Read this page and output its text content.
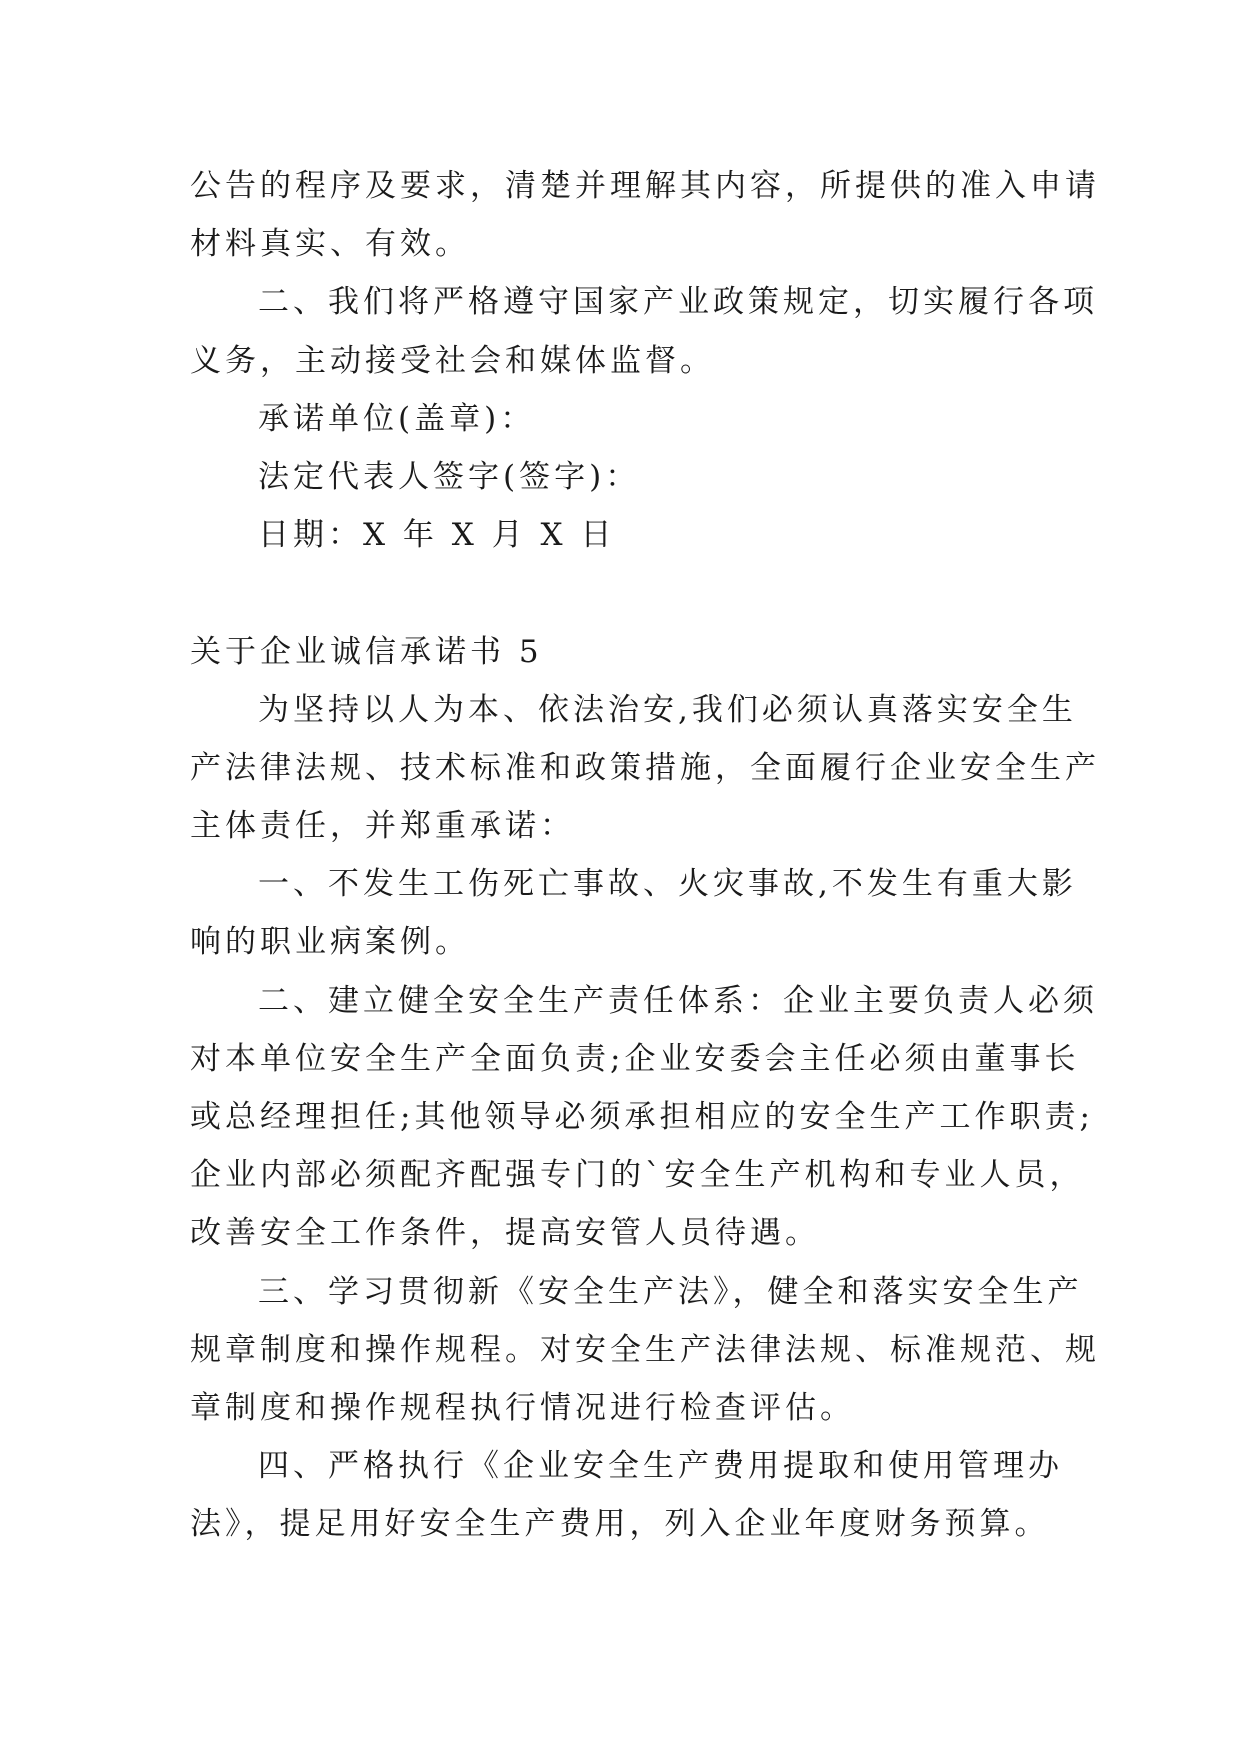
公告的程序及要求，清楚并理解其内容，所提供的准入申请
材料真实、有效。
二、我们将严格遵守国家产业政策规定，切实履行各项
义务，主动接受社会和媒体监督。
承诺单位(盖章)：
法定代表人签字(签字)：
日期：X 年 X 月 X 日
关于企业诚信承诺书 5
为坚持以人为本、依法治安,我们必须认真落实安全生
产法律法规、技术标准和政策措施，全面履行企业安全生产
主体责任，并郑重承诺：
一、不发生工伤死亡事故、火灾事故,不发生有重大影
响的职业病案例。
二、建立健全安全生产责任体系：企业主要负责人必须
对本单位安全生产全面负责;企业安委会主任必须由董事长
或总经理担任;其他领导必须承担相应的安全生产工作职责;
企业内部必须配齐配强专门的`安全生产机构和专业人员，
改善安全工作条件，提高安管人员待遇。
三、学习贯彻新《安全生产法》，健全和落实安全生产
规章制度和操作规程。对安全生产法律法规、标准规范、规
章制度和操作规程执行情况进行检查评估。
四、严格执行《企业安全生产费用提取和使用管理办
法》，提足用好安全生产费用，列入企业年度财务预算。
